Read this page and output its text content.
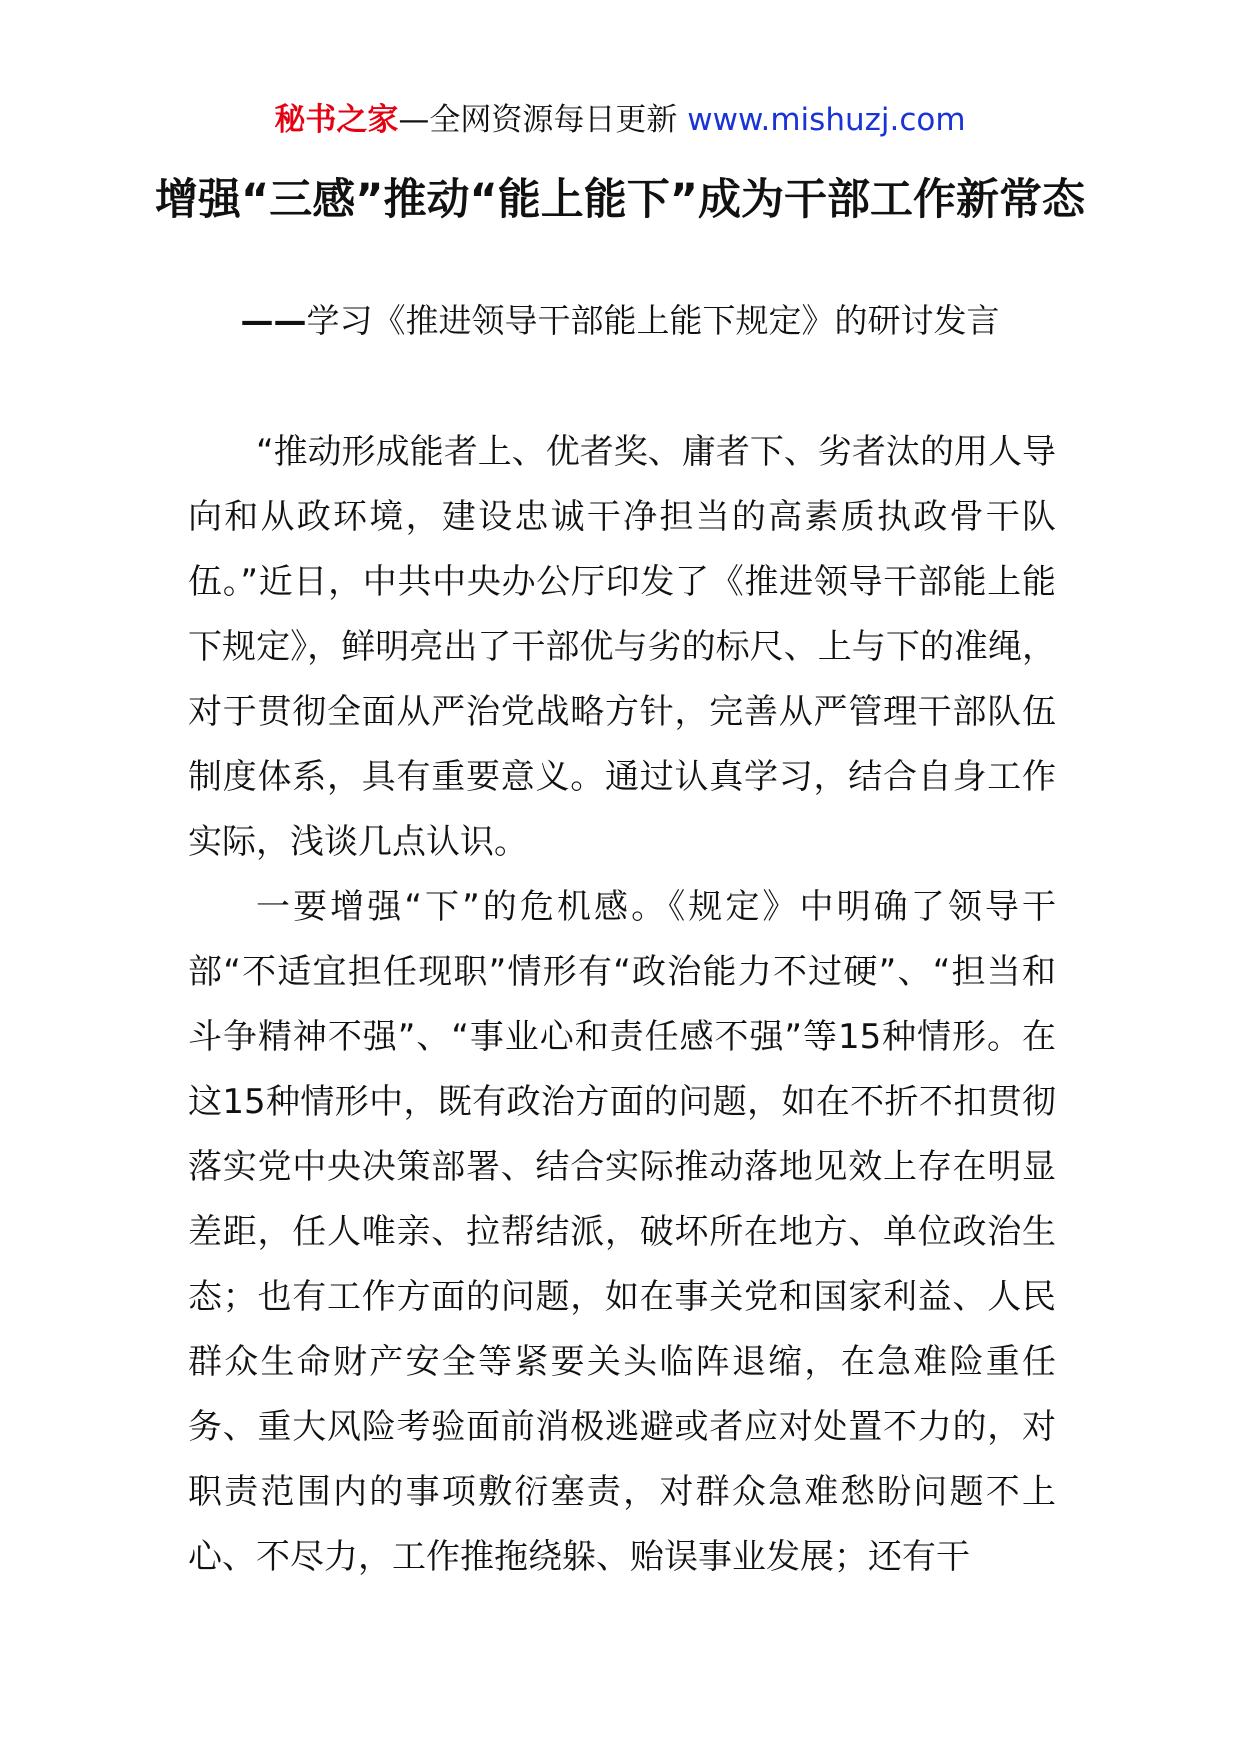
秘书之家—全网资源每日更新 www.mishuzj.com
增强“三感”推动“能上能下”成为干部工作新常态
——学习《推进领导干部能上能下规定》的研讨发言

“推动形成能者上、优者奖、庸者下、劣者汰的用人导向和从政环境，建设忠诚干净担当的高素质执政骨干队伍。”近日，中共中央办公厅印发了《推进领导干部能上能下规定》，鲜明亮出了干部优与劣的标尺、上与下的准绳，对于贯彻全面从严治党战略方针，完善从严管理干部队伍制度体系，具有重要意义。通过认真学习，结合自身工作实际，浅谈几点认识。

一要增强“下”的危机感。《规定》中明确了领导干部“不适宜担任现职”情形有“政治能力不过硬”、“担当和斗争精神不强”、“事业心和责任感不强”等15种情形。在这15种情形中，既有政治方面的问题，如在不折不扣贯彻落实党中央决策部署、结合实际推动落地见效上存在明显差距，任人唯亲、拉帮结派，破坏所在地方、单位政治生态；也有工作方面的问题，如在事关党和国家利益、人民群众生命财产安全等紧要关头临阵退缩，在急难险重任务、重大风险考验面前消极逃避或者应对处置不力的，对职责范围内的事项敷衍塞责，对群众急难愁盼问题不上心、不尽力，工作推拖绕躲、贻误事业发展；还有干
